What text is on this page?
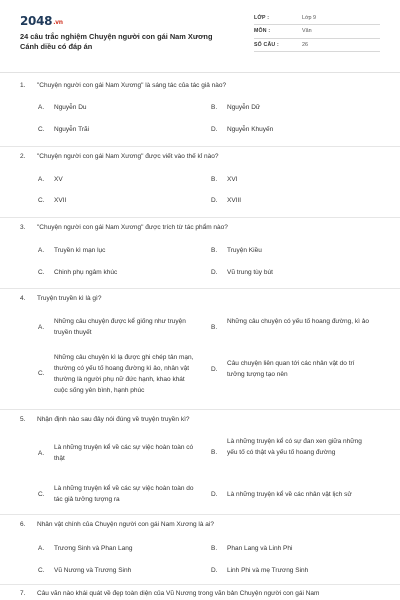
2048.vn
24 câu trắc nghiệm Chuyện người con gái Nam Xương
Cánh diều có đáp án
LỚP :	Lớp 9
MÔN :	Văn
SỐ CÂU :	26
1. "Chuyện người con gái Nam Xương" là sáng tác của tác giả nào?
A. Nguyễn Du	B. Nguyễn Dữ
C. Nguyễn Trãi	D. Nguyễn Khuyến
2. "Chuyện người con gái Nam Xương" được viết vào thế kỉ nào?
A. XV	B. XVI
C. XVII	D. XVIII
3. "Chuyện người con gái Nam Xương" được trích từ tác phẩm nào?
A. Truyền kì mạn lục	B. Truyện Kiều
C. Chinh phụ ngâm khúc	D. Vũ trung tùy bút
4. Truyện truyền kì là gì?
A.
Những câu chuyện được kể giống như truyện truyền thuyết
B.
Những câu chuyện có yếu tố hoang đường, kì ảo
C.
Những câu chuyện kì lạ được ghi chép tản mạn, thường có yếu tố hoang đường kì ảo, nhân vật thường là người phụ nữ đức hạnh, khao khát cuộc sống yên bình, hạnh phúc
D.
Câu chuyện liên quan tới các nhân vật do trí tưởng tượng tạo nên
5. Nhận định nào sau đây nói đúng về truyện truyền kì?
A.
Là những truyện kể về các sự việc hoàn toàn có thật
B.
Là những truyện kể có sự đan xen giữa những yếu tố có thật và yếu tố hoang đường
C.
Là những truyện kể về các sự việc hoàn toàn do tác giả tưởng tượng ra
D. Là những truyện kể về các nhân vật lịch sử
6. Nhân vật chính của Chuyện người con gái Nam Xương là ai?
A. Trương Sinh và Phan Lang	B. Phan Lang và Linh Phi
C. Vũ Nương và Trương Sinh	D. Linh Phi và mẹ Trương Sinh
7. Câu văn nào khái quát về đẹp toàn diện của Vũ Nương trong văn bản Chuyện người con gái Nam
